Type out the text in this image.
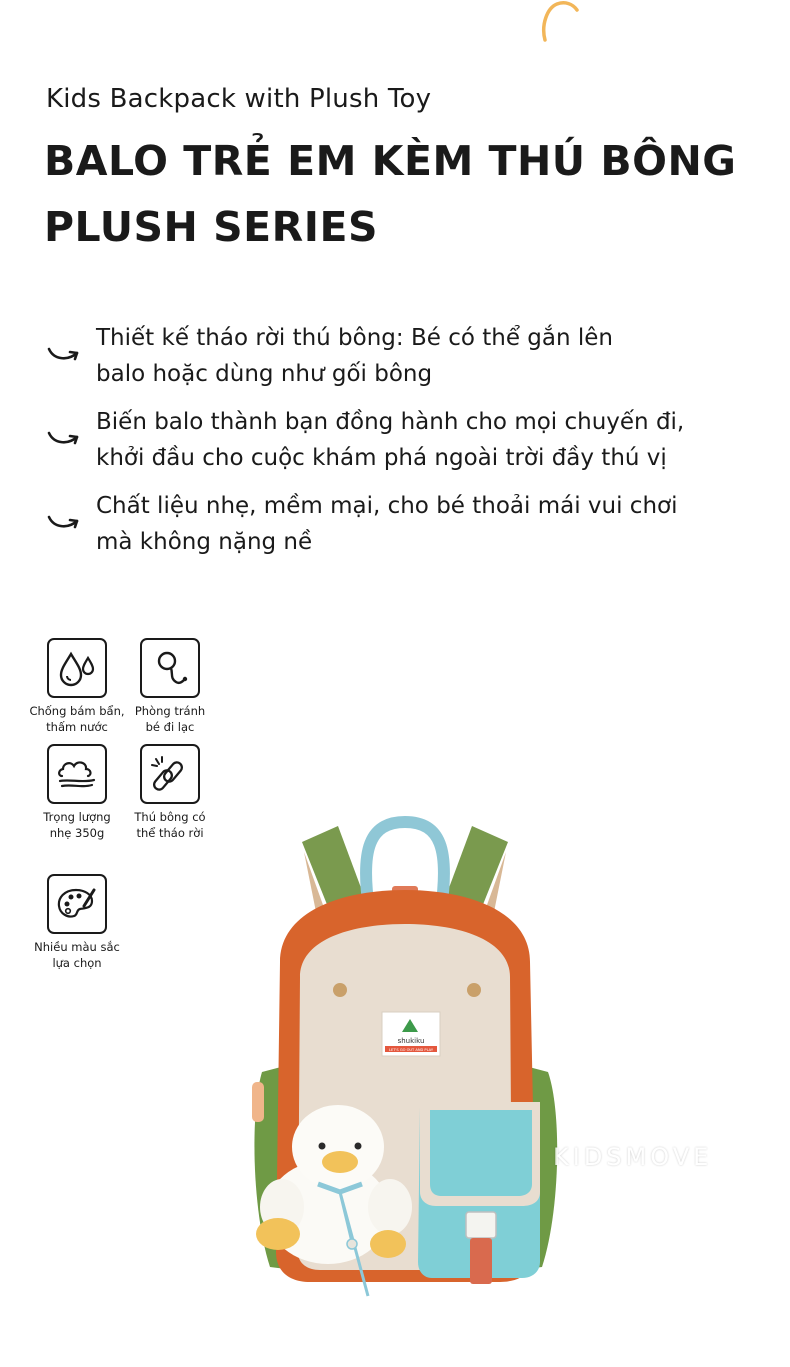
Kids Backpack with Plush Toy
BALO TRẺ EM KÈM THÚ BÔNG
PLUSH SERIES
Thiết kế tháo rời thú bông: Bé có thể gắn lên
balo hoặc dùng như gối bông
Biến balo thành bạn đồng hành cho mọi chuyến đi,
khởi đầu cho cuộc khám phá ngoài trời đầy thú vị
Chất liệu nhẹ, mềm mại, cho bé thoải mái vui chơi
mà không nặng nề
Chống bám bẩn,
thấm nước
Phòng tránh
bé đi lạc
Trọng lượng
nhẹ 350g
Thú bông có
thể tháo rời
Nhiều màu sắc
lựa chọn
shukiku
LET'S GO OUT AND PLAY
KIDSMOVE
